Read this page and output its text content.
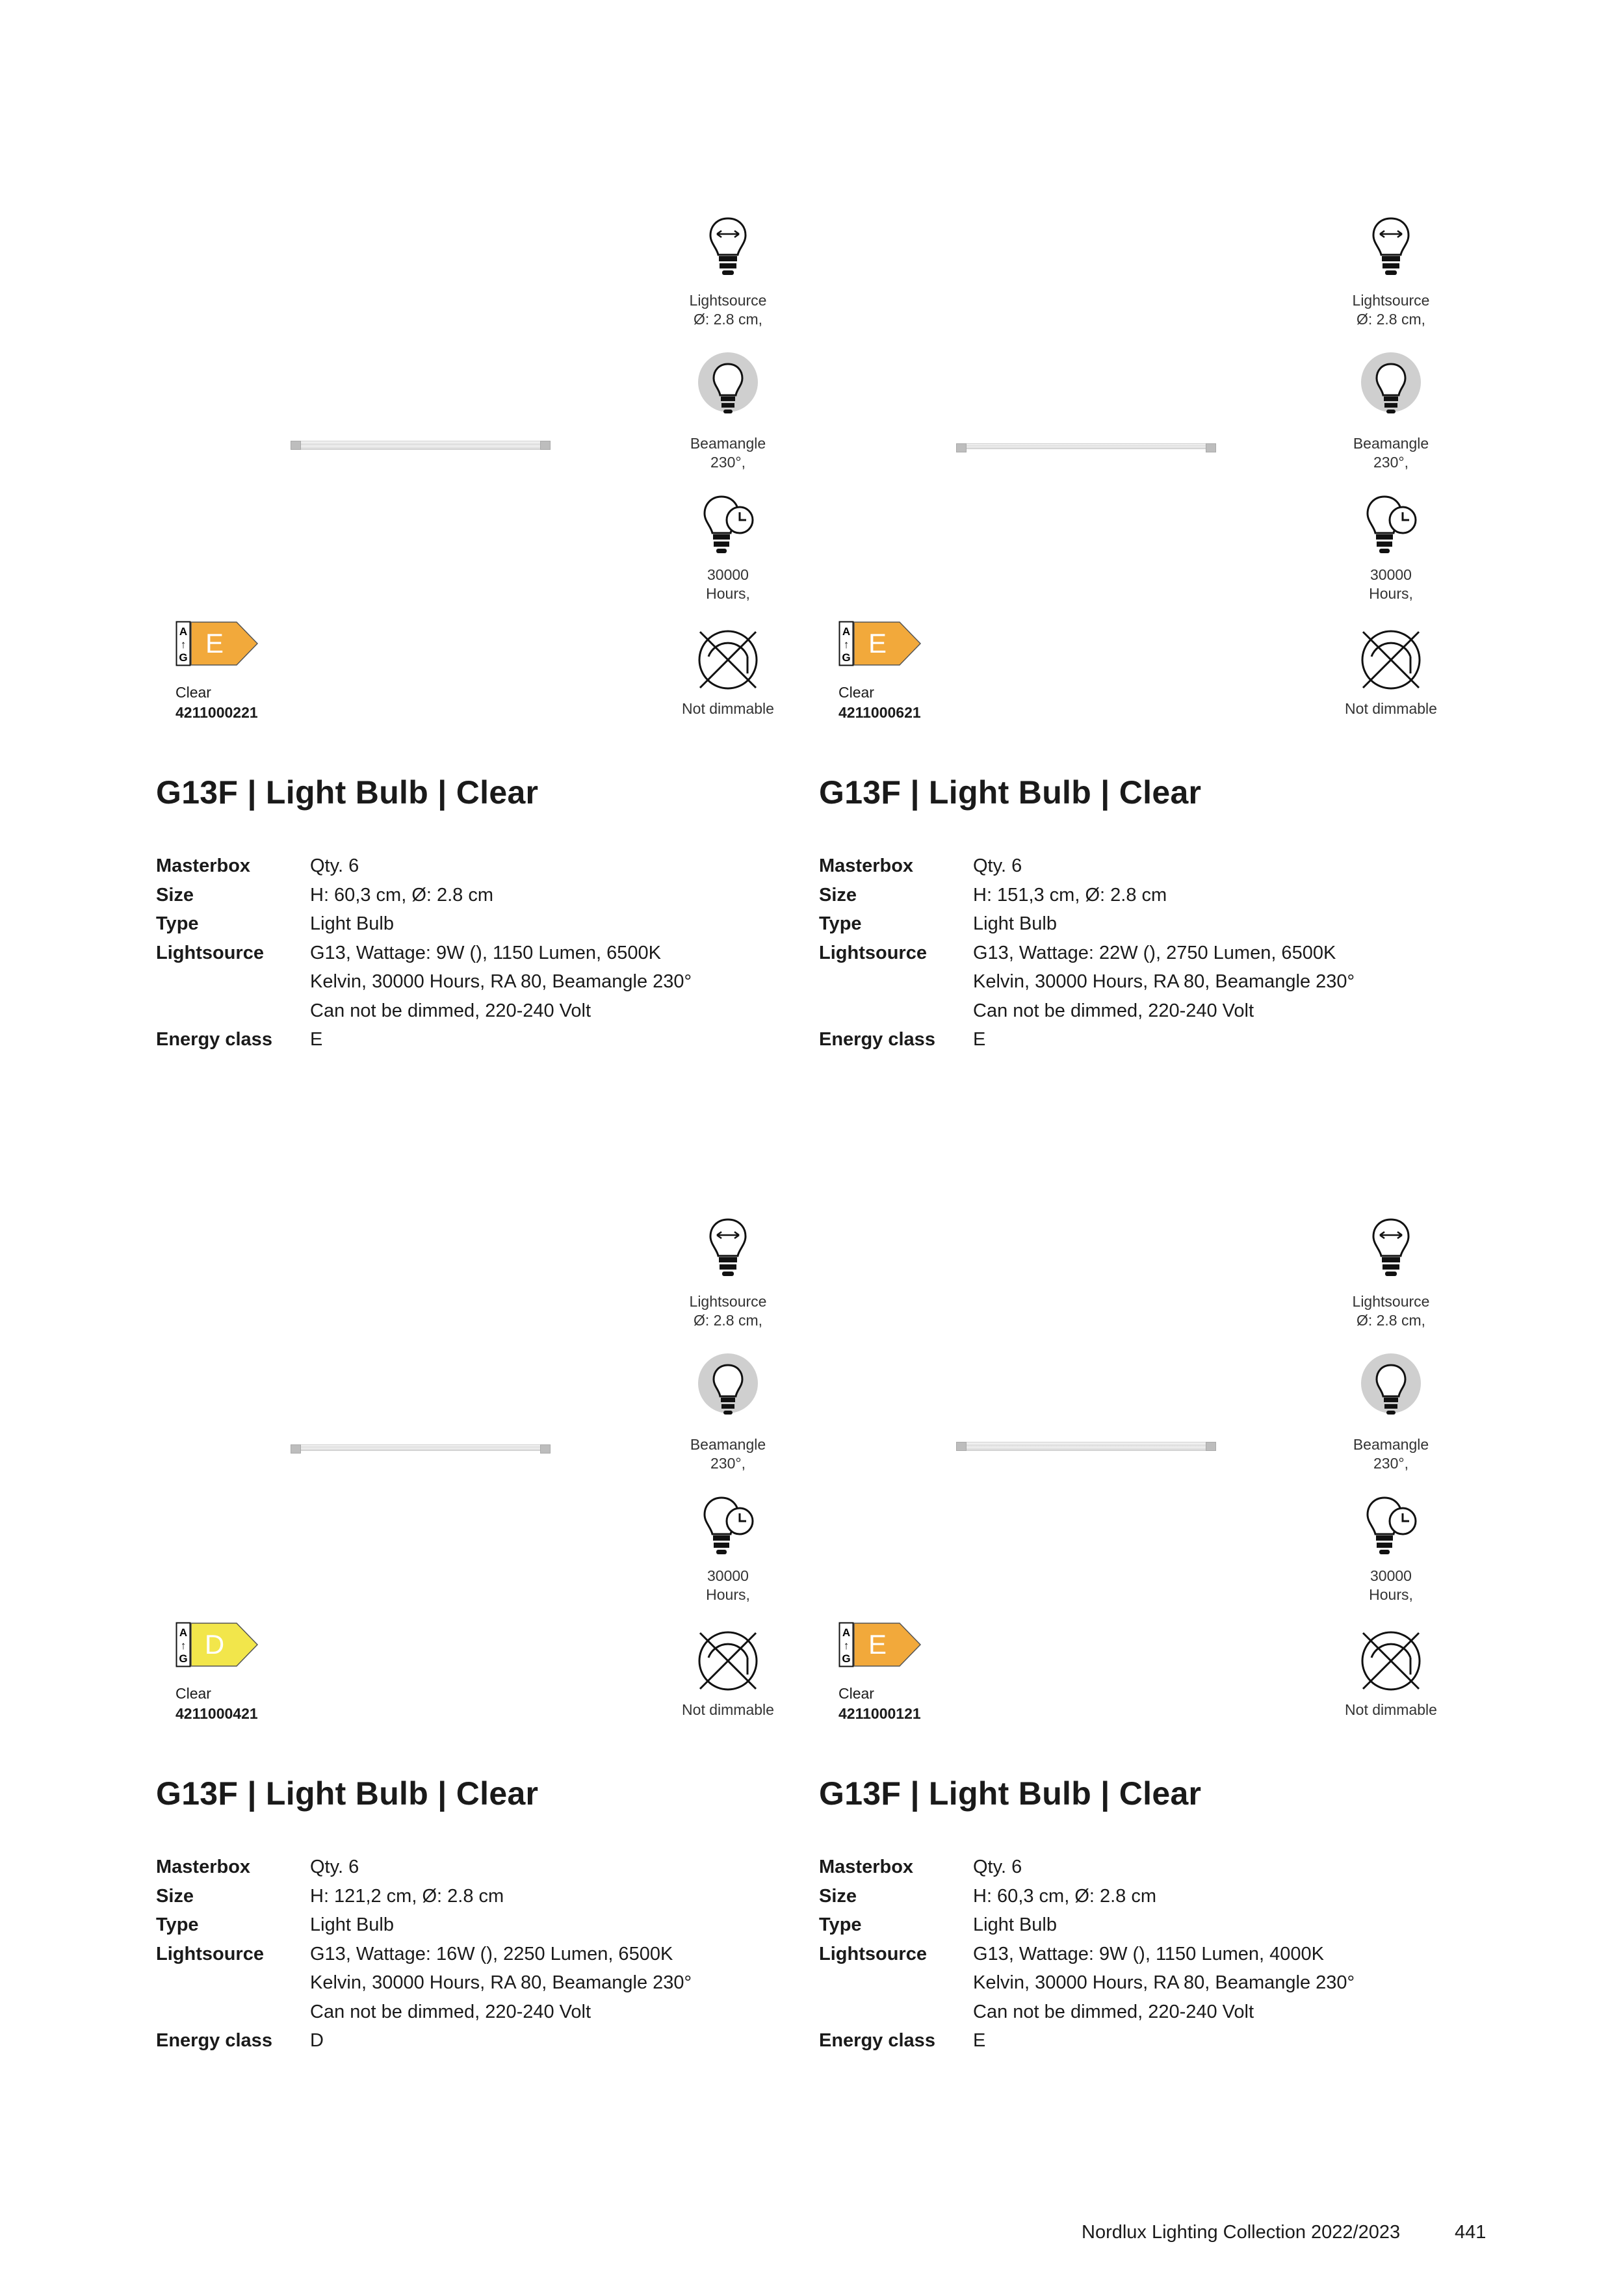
Lightsource
Ø: 2.8 cm,
Beamangle
230°,
30000
Hours,
Not dimmable
A
↑
G E
Clear
4211000221
G13F | Light Bulb | Clear
Masterbox	Qty. 6
Size	H: 60,3 cm, Ø: 2.8 cm
Type	Light Bulb
Lightsource	G13, Wattage: 9W (), 1150 Lumen, 6500K
Kelvin, 30000 Hours, RA 80, Beamangle 230°
Can not be dimmed, 220-240 Volt
Energy class	E
Lightsource
Ø: 2.8 cm,
Beamangle
230°,
30000
Hours,
Not dimmable
A
↑
G E
Clear
4211000621
G13F | Light Bulb | Clear
Masterbox	Qty. 6
Size	H: 151,3 cm, Ø: 2.8 cm
Type	Light Bulb
Lightsource	G13, Wattage: 22W (), 2750 Lumen, 6500K
Kelvin, 30000 Hours, RA 80, Beamangle 230°
Can not be dimmed, 220-240 Volt
Energy class	E
Lightsource
Ø: 2.8 cm,
Beamangle
230°,
30000
Hours,
Not dimmable
A
↑
G D
Clear
4211000421
G13F | Light Bulb | Clear
Masterbox	Qty. 6
Size	H: 121,2 cm, Ø: 2.8 cm
Type	Light Bulb
Lightsource	G13, Wattage: 16W (), 2250 Lumen, 6500K
Kelvin, 30000 Hours, RA 80, Beamangle 230°
Can not be dimmed, 220-240 Volt
Energy class	D
Lightsource
Ø: 2.8 cm,
Beamangle
230°,
30000
Hours,
Not dimmable
A
↑
G E
Clear
4211000121
G13F | Light Bulb | Clear
Masterbox	Qty. 6
Size	H: 60,3 cm, Ø: 2.8 cm
Type	Light Bulb
Lightsource	G13, Wattage: 9W (), 1150 Lumen, 4000K
Kelvin, 30000 Hours, RA 80, Beamangle 230°
Can not be dimmed, 220-240 Volt
Energy class	E
Nordlux Lighting Collection 2022/2023	441
